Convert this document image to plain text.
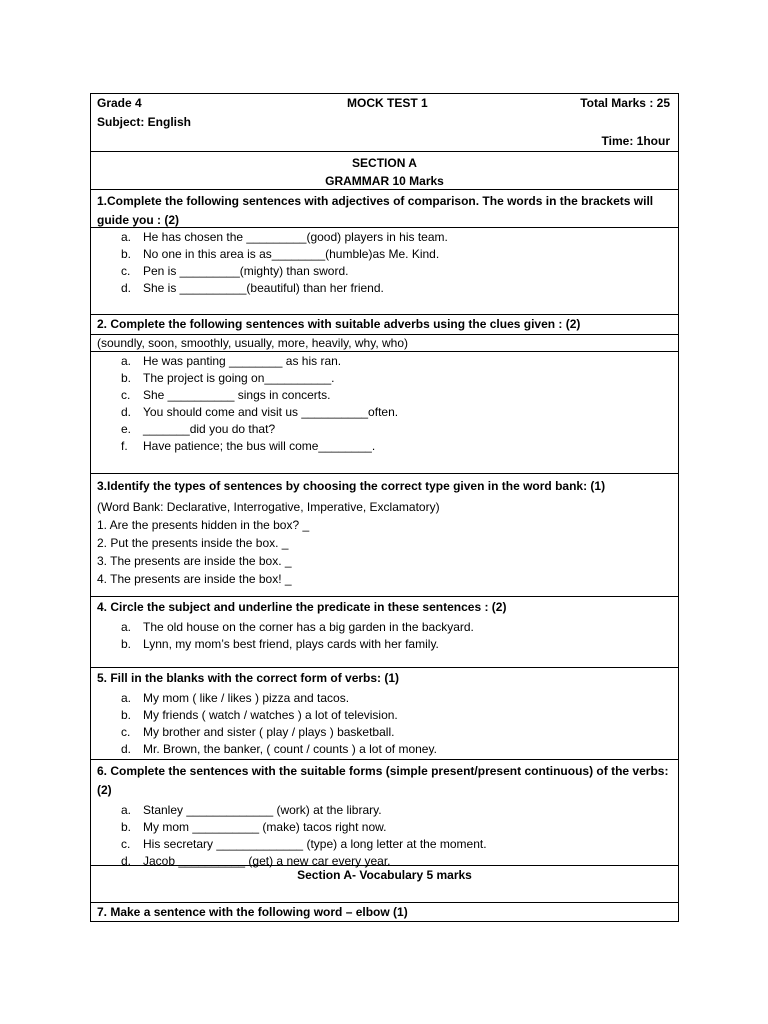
Grade 4	MOCK TEST 1	Total Marks : 25
Subject: English
Time: 1hour
SECTION A
GRAMMAR 10 Marks
1.Complete the following sentences with adjectives of comparison. The words in the brackets will guide you : (2)
a. He has chosen the _________(good) players in his team.
b. No one in this area is as________(humble)as Me. Kind.
c.	Pen is _________(mighty) than sword.
d. She is __________(beautiful) than her friend.
2. Complete the following sentences with suitable adverbs using the clues given : (2)
(soundly, soon, smoothly, usually, more, heavily, why, who)
a. He was panting ________ as his ran.
b. The project is going on__________.
c.	She __________ sings in concerts.
d. You should come and visit us __________often.
e. _______did you do that?
f.	Have patience; the bus will come________.
3.Identify the types of sentences by choosing the correct type given in the word bank: (1)
(Word Bank: Declarative, Interrogative, Imperative, Exclamatory)
1. Are the presents hidden in the box? _
2. Put the presents inside the box. _
3. The presents are inside the box. _
4. The presents are inside the box! _
4. Circle the subject and underline the predicate in these sentences : (2)
a. The old house on the corner has a big garden in the backyard.
b. Lynn, my mom’s best friend, plays cards with her family.
5. Fill in the blanks with the correct form of verbs: (1)
a. My mom ( like / likes ) pizza and tacos.
b. My friends ( watch / watches ) a lot of television.
c.	My brother and sister ( play / plays ) basketball.
d. Mr. Brown, the banker, ( count / counts ) a lot of money.
6. Complete the sentences with the suitable forms (simple present/present continuous) of the verbs: (2)
a. Stanley _____________ (work) at the library.
b. My mom __________ (make) tacos right now.
c.	His secretary _____________ (type) a long letter at the moment.
d. Jacob __________ (get) a new car every year.
Section A- Vocabulary 5 marks
7. Make a sentence with the following word – elbow (1)
